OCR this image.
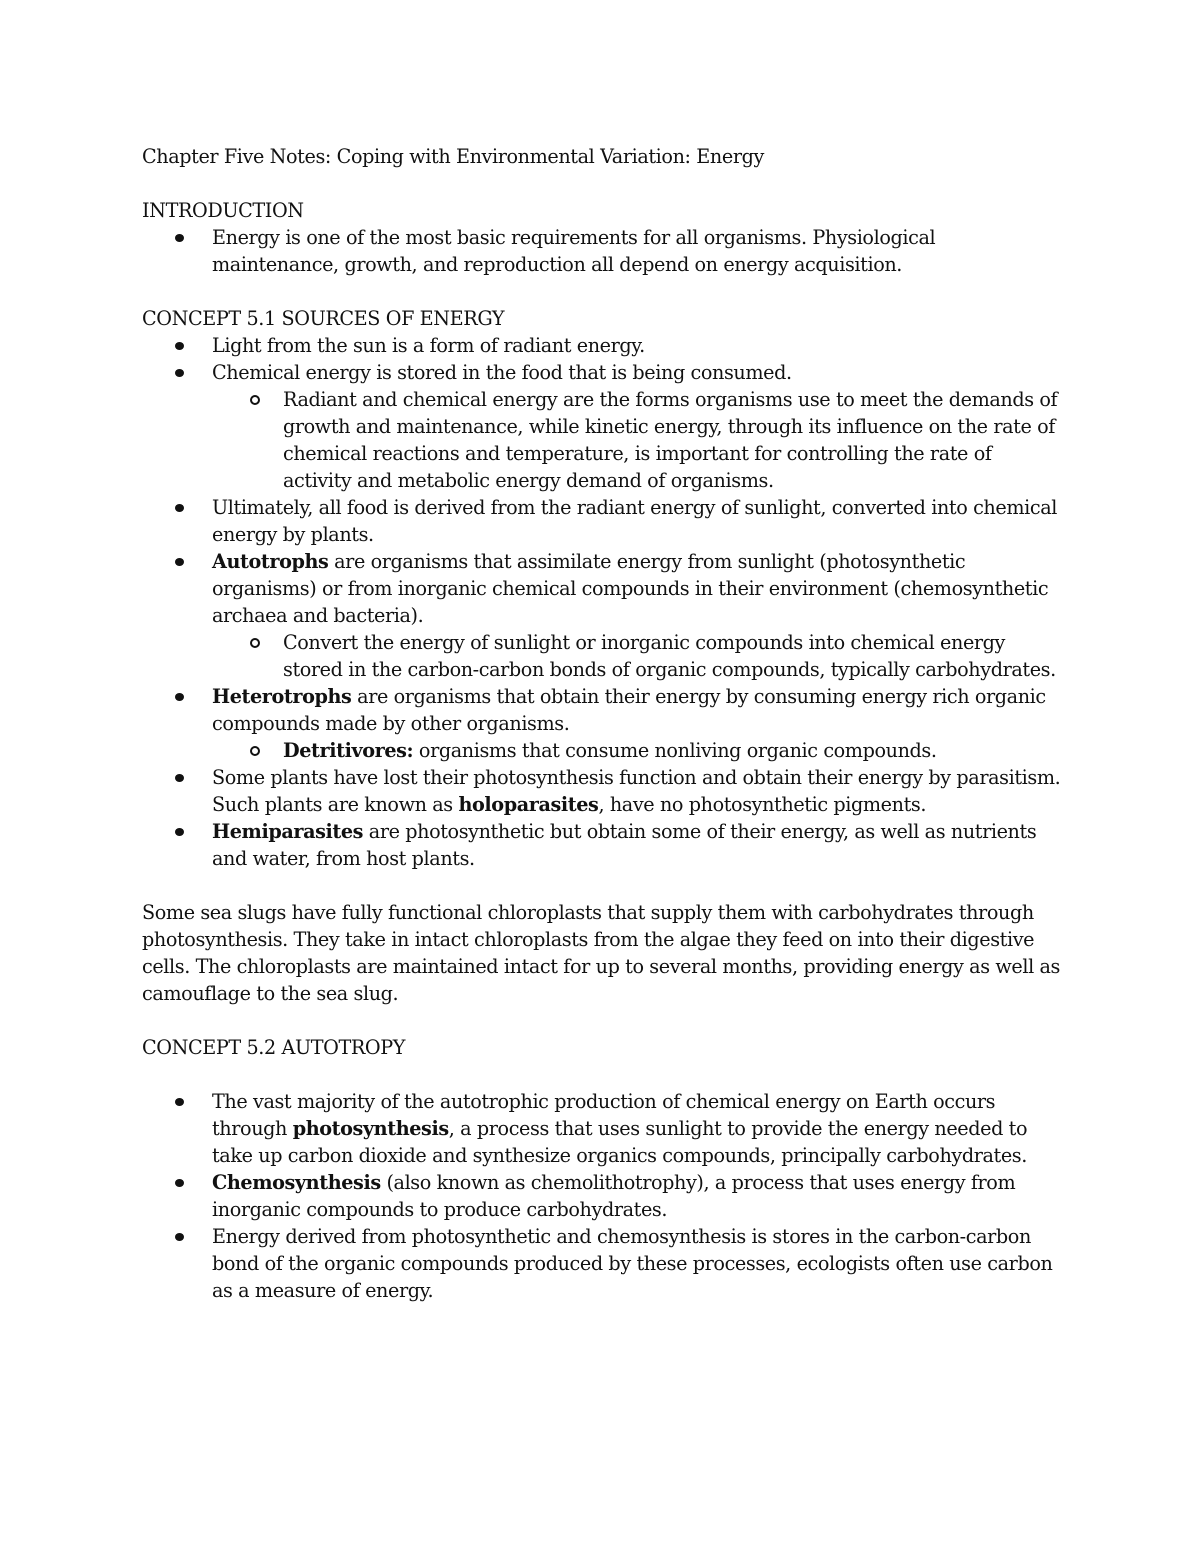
Chapter Five Notes: Coping with Environmental Variation: Energy

INTRODUCTION

Energy is one of the most basic requirements for all organisms. Physiological maintenance, growth, and reproduction all depend on energy acquisition.

CONCEPT 5.1 SOURCES OF ENERGY

Light from the sun is a form of radiant energy.
Chemical energy is stored in the food that is being consumed.
Radiant and chemical energy are the forms organisms use to meet the demands of growth and maintenance, while kinetic energy, through its influence on the rate of chemical reactions and temperature, is important for controlling the rate of activity and metabolic energy demand of organisms.
Ultimately, all food is derived from the radiant energy of sunlight, converted into chemical energy by plants.
Autotrophs are organisms that assimilate energy from sunlight (photosynthetic organisms) or from inorganic chemical compounds in their environment (chemosynthetic archaea and bacteria).
Convert the energy of sunlight or inorganic compounds into chemical energy stored in the carbon-carbon bonds of organic compounds, typically carbohydrates.
Heterotrophs are organisms that obtain their energy by consuming energy rich organic compounds made by other organisms.
Detritivores: organisms that consume nonliving organic compounds.
Some plants have lost their photosynthesis function and obtain their energy by parasitism. Such plants are known as holoparasites, have no photosynthetic pigments.
Hemiparasites are photosynthetic but obtain some of their energy, as well as nutrients and water, from host plants.

Some sea slugs have fully functional chloroplasts that supply them with carbohydrates through photosynthesis. They take in intact chloroplasts from the algae they feed on into their digestive cells. The chloroplasts are maintained intact for up to several months, providing energy as well as camouflage to the sea slug.

CONCEPT 5.2 AUTOTROPY

The vast majority of the autotrophic production of chemical energy on Earth occurs through photosynthesis, a process that uses sunlight to provide the energy needed to take up carbon dioxide and synthesize organics compounds, principally carbohydrates.
Chemosynthesis (also known as chemolithotrophy), a process that uses energy from inorganic compounds to produce carbohydrates.
Energy derived from photosynthetic and chemosynthesis is stores in the carbon-carbon bond of the organic compounds produced by these processes, ecologists often use carbon as a measure of energy.
